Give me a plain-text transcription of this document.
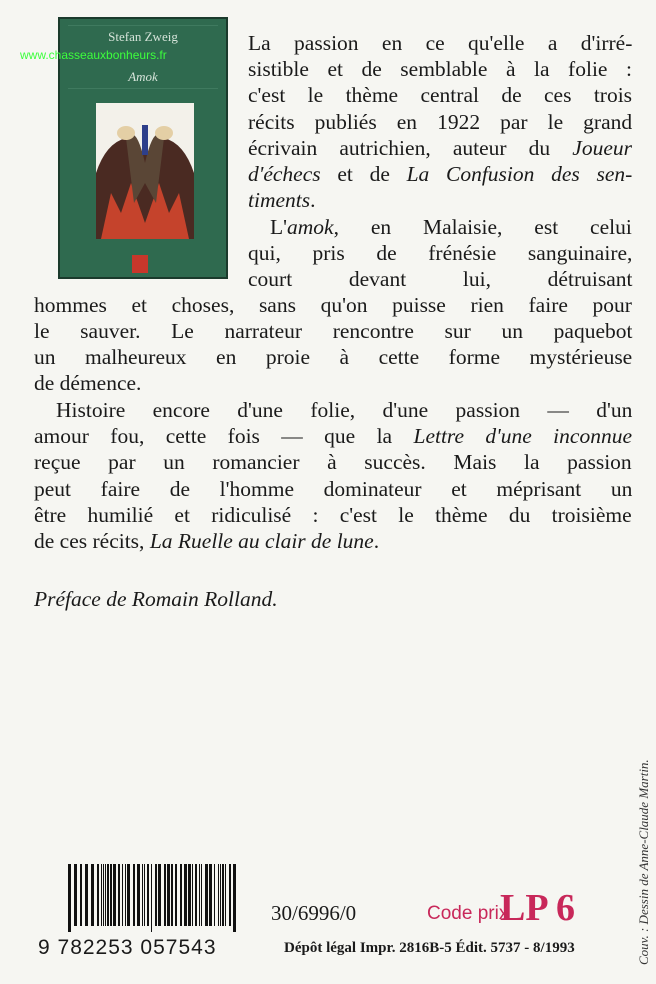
Stefan Zweig
Amok
www.chasseauxbonheurs.fr	La passion en ce qu'elle a d'irré-
sistible et de semblable à la folie :
c'est le thème central de ces trois
récits publiés en 1922 par le grand
écrivain autrichien, auteur du Joueur
d'échecs et de La Confusion des sen-
timents.
L'amok, en Malaisie, est celui
qui, pris de frénésie sanguinaire,
court devant lui, détruisant
hommes et choses, sans qu'on puisse rien faire pour
le sauver. Le narrateur rencontre sur un paquebot
un malheureux en proie à cette forme mystérieuse
de démence.
Histoire encore d'une folie, d'une passion — d'un
amour fou, cette fois — que la Lettre d'une inconnue
reçue par un romancier à succès. Mais la passion
peut faire de l'homme dominateur et méprisant un
être humilié et ridiculisé : c'est le thème du troisième
de ces récits, La Ruelle au clair de lune.
Préface de Romain Rolland.
9 782253 057543
30/6996/0	Code prix
LP 6
Dépôt légal Impr. 2816B-5 Édit. 5737 - 8/1993	Couv. : Dessin de Anne-Claude Martin.
